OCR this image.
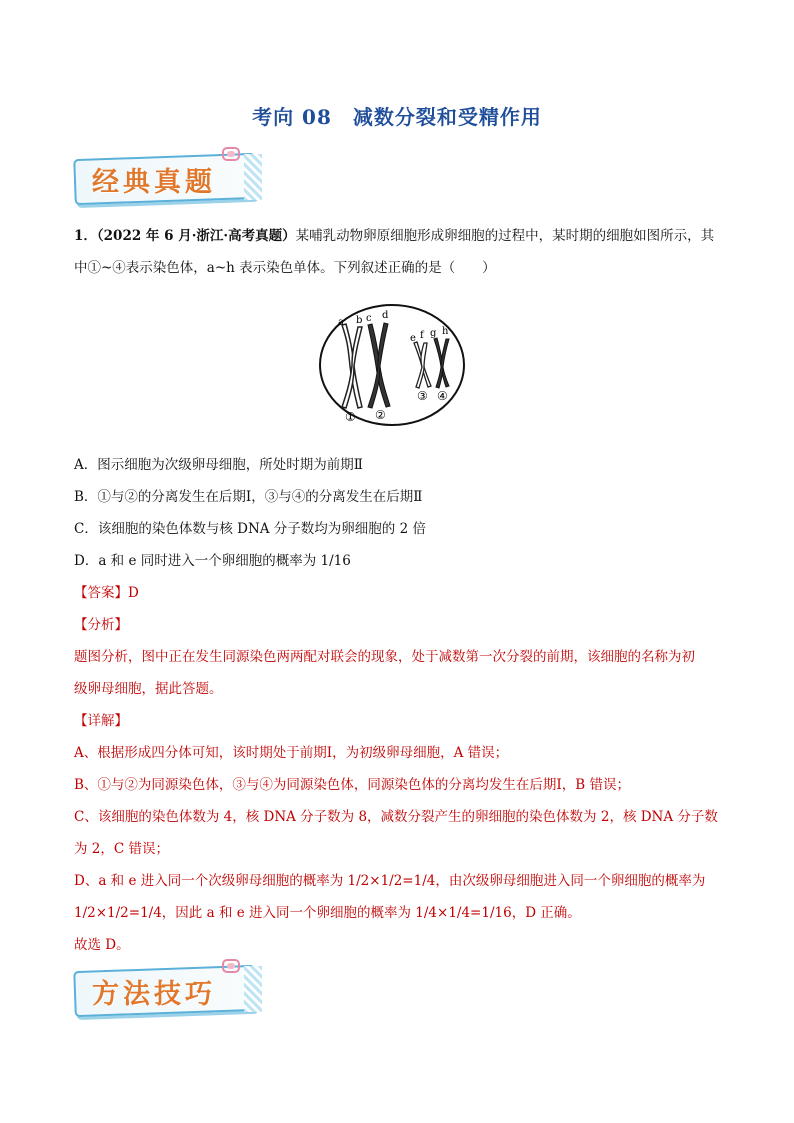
考向 08　减数分裂和受精作用
经典真题
1．（2022 年 6 月·浙江·高考真题）某哺乳动物卵原细胞形成卵细胞的过程中，某时期的细胞如图所示，其
中①~④表示染色体，a~h 表示染色单体。下列叙述正确的是（　　）
a b c d
e f g h
① ②
③ ④
A．图示细胞为次级卵母细胞，所处时期为前期Ⅱ
B．①与②的分离发生在后期Ⅰ，③与④的分离发生在后期Ⅱ
C．该细胞的染色体数与核 DNA 分子数均为卵细胞的 2 倍
D．a 和 e 同时进入一个卵细胞的概率为 1/16
【答案】D
【分析】
题图分析，图中正在发生同源染色两两配对联会的现象，处于减数第一次分裂的前期，该细胞的名称为初
级卵母细胞，据此答题。
【详解】
A、根据形成四分体可知，该时期处于前期Ⅰ，为初级卵母细胞，A 错误；
B、①与②为同源染色体，③与④为同源染色体，同源染色体的分离均发生在后期Ⅰ，B 错误；
C、该细胞的染色体数为 4，核 DNA 分子数为 8，减数分裂产生的卵细胞的染色体数为 2，核 DNA 分子数
为 2，C 错误；
D、a 和 e 进入同一个次级卵母细胞的概率为 1/2×1/2=1/4，由次级卵母细胞进入同一个卵细胞的概率为
1/2×1/2=1/4，因此 a 和 e 进入同一个卵细胞的概率为 1/4×1/4=1/16，D 正确。
故选 D。
方法技巧
